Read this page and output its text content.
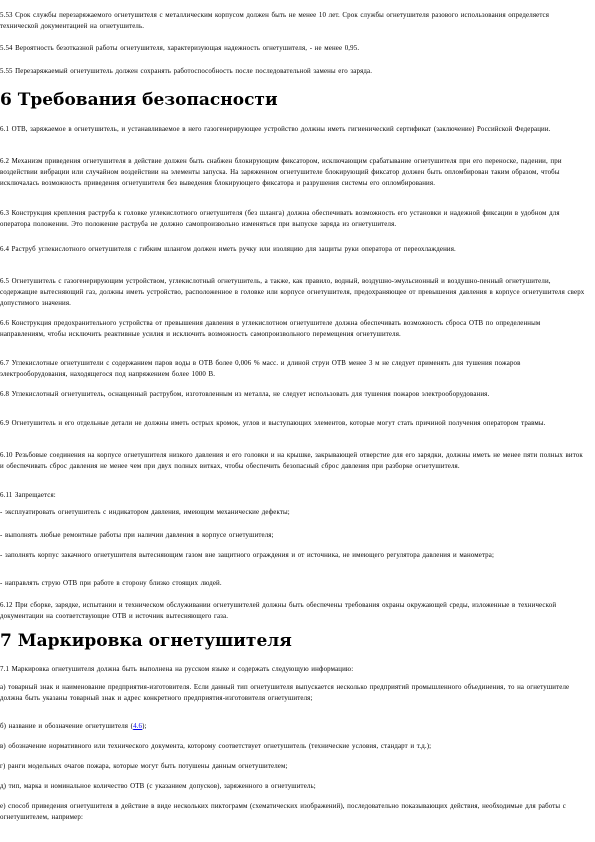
5.53 Срок службы перезаряжаемого огнетушителя с металлическим корпусом должен быть не менее 10 лет. Срок службы огнетушителя разового использования определяется технической документацией на огнетушитель.

5.54 Вероятность безотказной работы огнетушителя, характеризующая надежность огнетушителя, - не менее 0,95.

5.55 Перезаряжаемый огнетушитель должен сохранять работоспособность после последовательной замены его заряда.

6 Требования безопасности

6.1 ОТВ, заряжаемое в огнетушитель, и устанавливаемое в него газогенерирующее устройство должны иметь гигиенический сертификат (заключение) Российской Федерации.

6.2 Механизм приведения огнетушителя в действие должен быть снабжен блокирующим фиксатором, исключающим срабатывание огнетушителя при его переноске, падении, при воздействии вибрации или случайном воздействии на элементы запуска. На заряженном огнетушителе блокирующий фиксатор должен быть опломбирован таким образом, чтобы исключалась возможность приведения огнетушителя без выведения блокирующего фиксатора и разрушения системы его опломбирования.

6.3 Конструкция крепления раструба к головке углекислотного огнетушителя (без шланга) должна обеспечивать возможность его установки и надежной фиксации в удобном для оператора положении. Это положение раструба не должно самопроизвольно изменяться при выпуске заряда из огнетушителя.

6.4 Раструб углекислотного огнетушителя с гибким шлангом должен иметь ручку или изоляцию для защиты руки оператора от переохлаждения.

6.5 Огнетушитель с газогенерирующим устройством, углекислотный огнетушитель, а также, как правило, водный, воздушно-эмульсионный и воздушно-пенный огнетушители, содержащие вытесняющий газ, должны иметь устройство, расположенное в головке или корпусе огнетушителя, предохраняющее от превышения давления в корпусе огнетушителя сверх допустимого значения.

6.6 Конструкция предохранительного устройства от превышения давления в углекислотном огнетушителе должна обеспечивать возможность сброса ОТВ по определенным направлениям, чтобы исключить реактивные усилия и исключить возможность самопроизвольного перемещения огнетушителя.

6.7 Углекислотные огнетушители с содержанием паров воды в ОТВ более 0,006 % масс. и длиной струи ОТВ менее 3 м не следует применять для тушения пожаров электрооборудования, находящегося под напряжением более 1000 В.

6.8 Углекислотный огнетушитель, оснащенный раструбом, изготовленным из металла, не следует использовать для тушения пожаров электрооборудования.

6.9 Огнетушитель и его отдельные детали не должны иметь острых кромок, углов и выступающих элементов, которые могут стать причиной получения оператором травмы.

6.10 Резьбовые соединения на корпусе огнетушителя низкого давления и его головки и на крышке, закрывающей отверстие для его зарядки, должны иметь не менее пяти полных виток и обеспечивать сброс давления не менее чем при двух полных витках, чтобы обеспечить безопасный сброс давления при разборке огнетушителя.

6.11 Запрещается:

- эксплуатировать огнетушитель с индикатором давления, имеющим механические дефекты;

- выполнять любые ремонтные работы при наличии давления в корпусе огнетушителя;

- заполнять корпус закачного огнетушителя вытесняющим газом вне защитного ограждения и от источника, не имеющего регулятора давления и манометра;

- направлять струю ОТВ при работе в сторону близко стоящих людей.

6.12 При сборке, зарядке, испытании и техническом обслуживании огнетушителей должны быть обеспечены требования охраны окружающей среды, изложенные в технической документации на соответствующие ОТВ и источник вытесняющего газа.

7 Маркировка огнетушителя

7.1 Маркировка огнетушителя должна быть выполнена на русском языке и содержать следующую информацию:

а) товарный знак и наименование предприятия-изготовителя. Если данный тип огнетушителя выпускается несколько предприятий промышленного объединения, то на огнетушителе должна быть указаны товарный знак и адрес конкретного предприятия-изготовителя огнетушителя;

б) название и обозначение огнетушителя (4.6);

в) обозначение нормативного или технического документа, которому соответствует огнетушитель (технические условия, стандарт и т.д.);

г) ранги модельных очагов пожара, которые могут быть потушены данным огнетушителем;

д) тип, марка и номинальное количество ОТВ (с указанием допусков), заряженного в огнетушитель;

е) способ приведения огнетушителя в действие в виде нескольких пиктограмм (схематических изображений), последовательно показывающих действия, необходимые для работы с огнетушителем, например:
